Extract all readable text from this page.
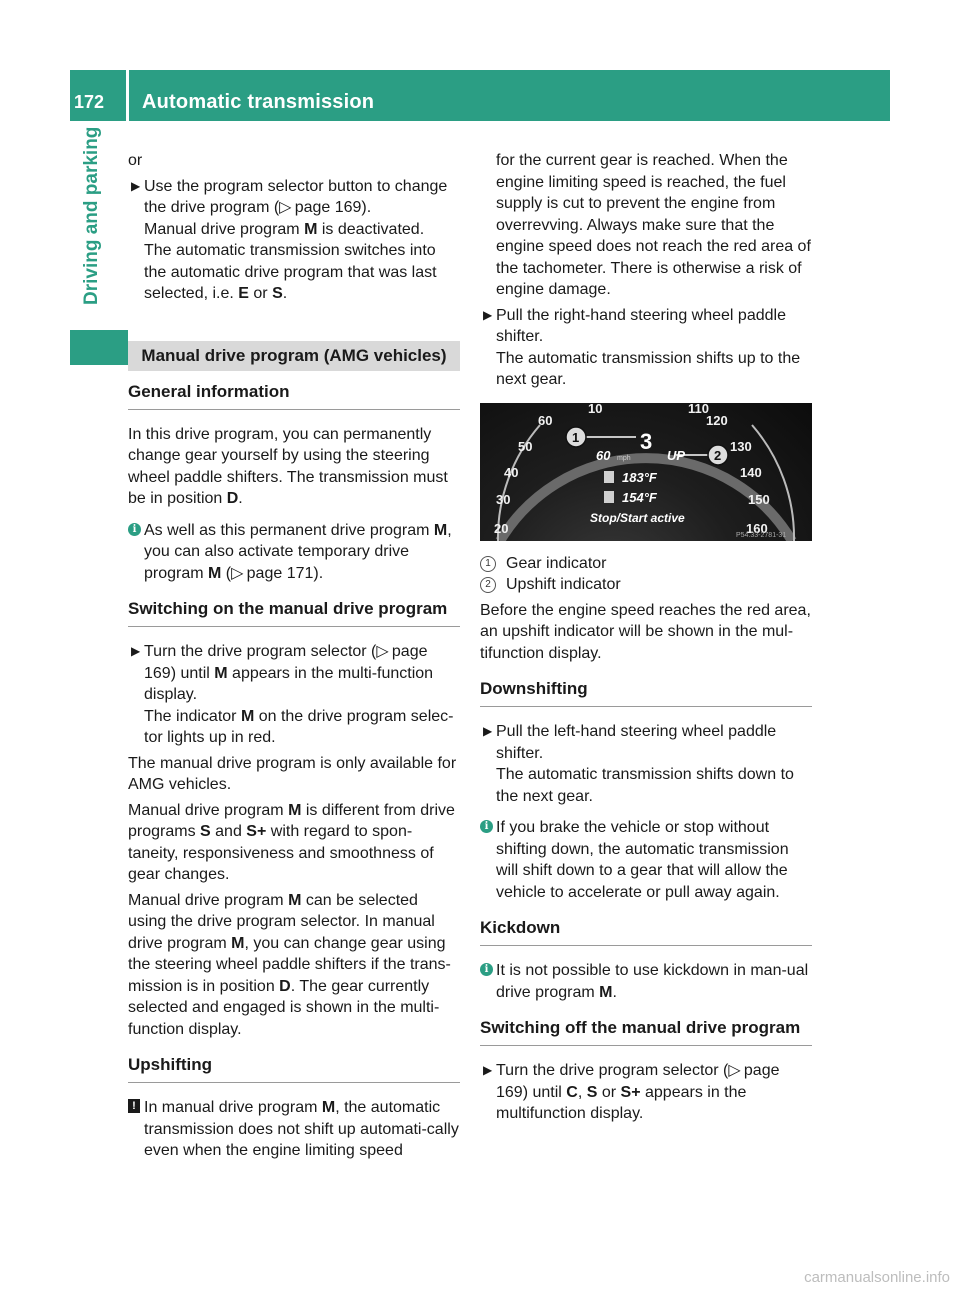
172	Automatic transmission
Driving and parking or

▶ Use the program selector button to change the drive program (▷ page 169).
Manual drive program M is deactivated.
The automatic transmission switches into the automatic drive program that was last selected, i.e. E or S.
Manual drive program (AMG vehicles)
General information

In this drive program, you can permanently change gear yourself by using the steering wheel paddle shifters. The transmission must be in position D.

i As well as this permanent drive program M, you can also activate temporary drive program M (▷ page 171).
Switching on the manual drive program
▶ Turn the drive program selector (▷ page 169) until M appears in the multi-function display.
The indicator M on the drive program selec-tor lights up in red.

The manual drive program is only available for AMG vehicles.

Manual drive program M is different from drive programs S and S+ with regard to spon-taneity, responsiveness and smoothness of gear changes.

Manual drive program M can be selected using the drive program selector. In manual drive program M, you can change gear using the steering wheel paddle shifters if the trans-mission is in position D. The gear currently selected and engaged is shown in the multi-function display.

Upshifting
! In manual drive program M, the automatic transmission does not shift up automati-cally even when the engine limiting speed
for the current gear is reached. When the engine limiting speed is reached, the fuel supply is cut to prevent the engine from overrevving. Always make sure that the engine speed does not reach the red area of the tachometer. There is otherwise a risk of engine damage.
▶ Pull the right-hand steering wheel paddle shifter.
The automatic transmission shifts up to the next gear.
10
60
50
40
30
20
110
120
130
140
150
160
1
2
3
60 mph	UP
183°F
154°F
Stop/Start active
P54.33-2781-31
1 Gear indicator
2 Upshift indicator

Before the engine speed reaches the red area, an upshift indicator will be shown in the mul-tifunction display.

Downshifting
▶ Pull the left-hand steering wheel paddle shifter.
The automatic transmission shifts down to the next gear.
i If you brake the vehicle or stop without shifting down, the automatic transmission will shift down to a gear that will allow the vehicle to accelerate or pull away again.
Kickdown
i It is not possible to use kickdown in man-ual drive program M.
Switching off the manual drive program
▶ Turn the drive program selector (▷ page 169) until C, S or S+ appears in the multifunction display.
carmanualsonline.info
